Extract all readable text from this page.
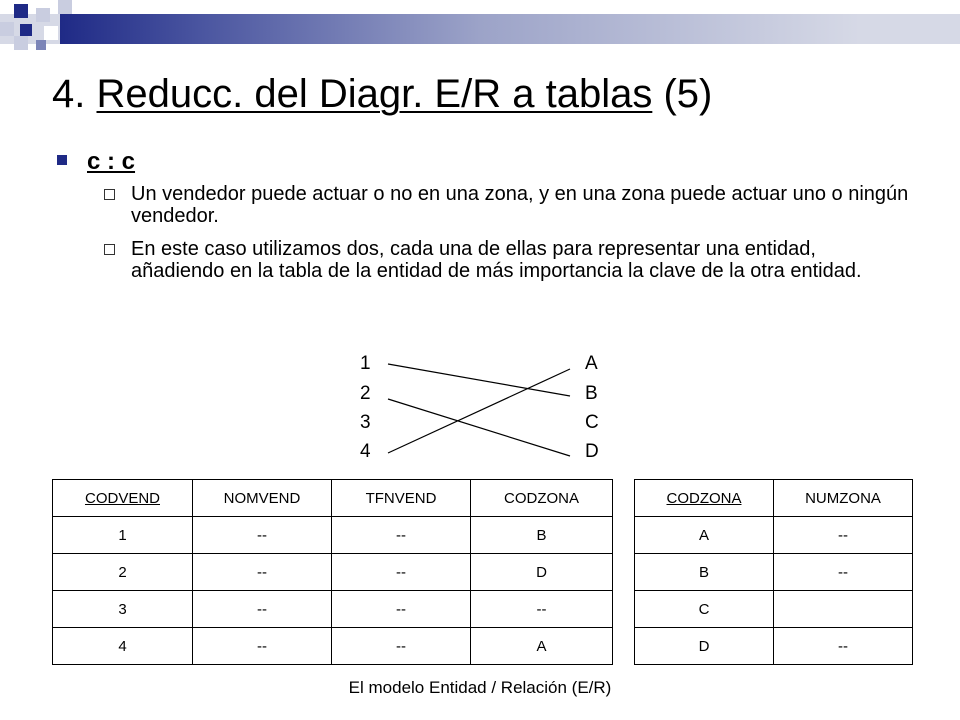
4. Reducc. del Diagr. E/R a tablas (5)
c : c
Un vendedor puede actuar o no en una zona, y en una zona puede actuar uno o ningún vendedor.
En este caso utilizamos dos, cada una de ellas para representar una entidad, añadiendo en la tabla de la entidad de más importancia la clave de la otra entidad.
1
2
3
4
A
B
C
D
CODVEND	NOMVEND	TFNVEND	CODZONA
1	--	--	B
2	--	--	D
3	--	--	--
4	--	--	A
CODZONA	NUMZONA
A	--
B	--
C	
D	--
El modelo Entidad / Relación (E/R)
